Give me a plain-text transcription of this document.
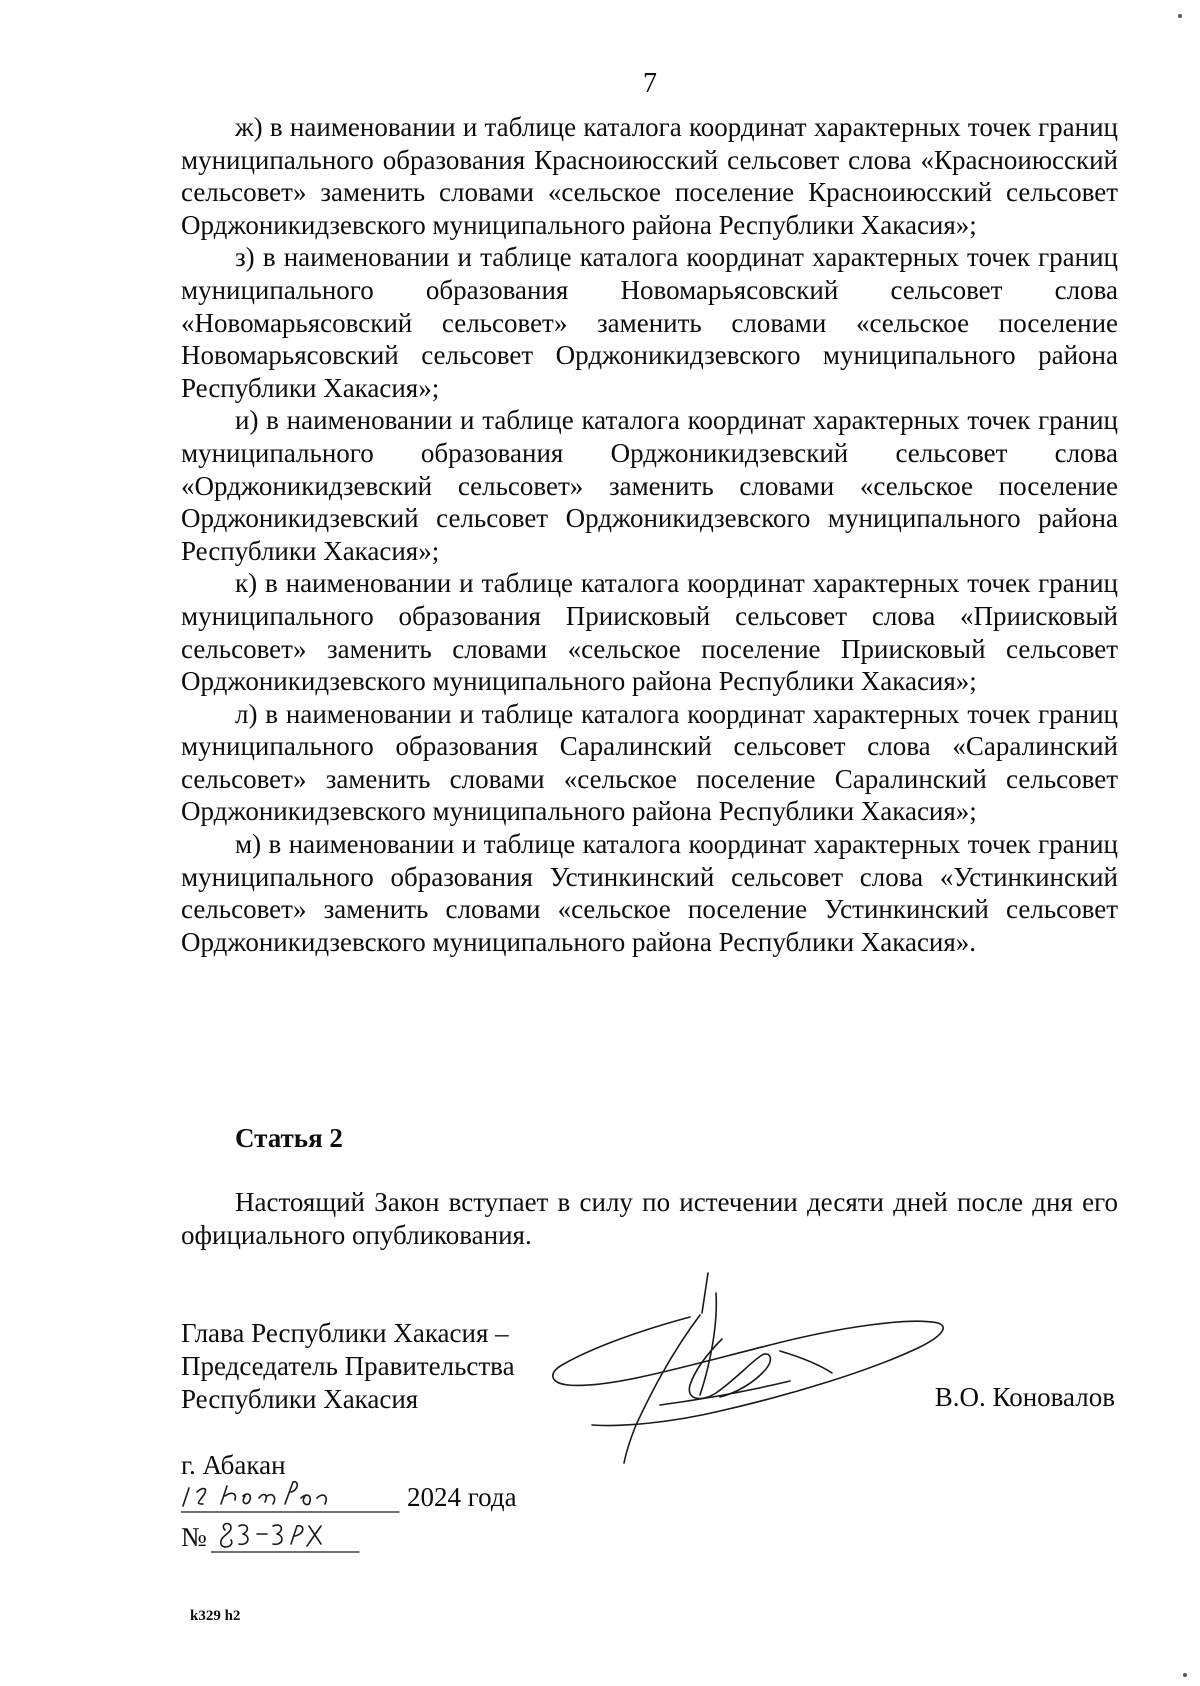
7

ж) в наименовании и таблице каталога координат характерных точек границ муниципального образования Красноиюсский сельсовет слова «Красноиюсский сельсовет» заменить словами «сельское поселение Красноиюсский сельсовет Орджоникидзевского муниципального района Республики Хакасия»;

з) в наименовании и таблице каталога координат характерных точек границ муниципального образования Новомарьясовский сельсовет слова «Новомарьясовский сельсовет» заменить словами «сельское поселение Новомарьясовский сельсовет Орджоникидзевского муниципального района Республики Хакасия»;

и) в наименовании и таблице каталога координат характерных точек границ муниципального образования Орджоникидзевский сельсовет слова «Орджоникидзевский сельсовет» заменить словами «сельское поселение Орджоникидзевский сельсовет Орджоникидзевского муниципального района Республики Хакасия»;

к) в наименовании и таблице каталога координат характерных точек границ муниципального образования Приисковый сельсовет слова «Приисковый сельсовет» заменить словами «сельское поселение Приисковый сельсовет Орджоникидзевского муниципального района Республики Хакасия»;

л) в наименовании и таблице каталога координат характерных точек границ муниципального образования Саралинский сельсовет слова «Саралинский сельсовет» заменить словами «сельское поселение Саралинский сельсовет Орджоникидзевского муниципального района Республики Хакасия»;

м) в наименовании и таблице каталога координат характерных точек границ муниципального образования Устинкинский сельсовет слова «Устинкинский сельсовет» заменить словами «сельское поселение Устинкинский сельсовет Орджоникидзевского муниципального района Республики Хакасия».

Статья 2

Настоящий Закон вступает в силу по истечении десяти дней после дня его официального опубликования.

Глава Республики Хакасия –
Председатель Правительства
Республики Хакасия	В.О. Коновалов
г. Абакан
2024 года
№
k329 h2
